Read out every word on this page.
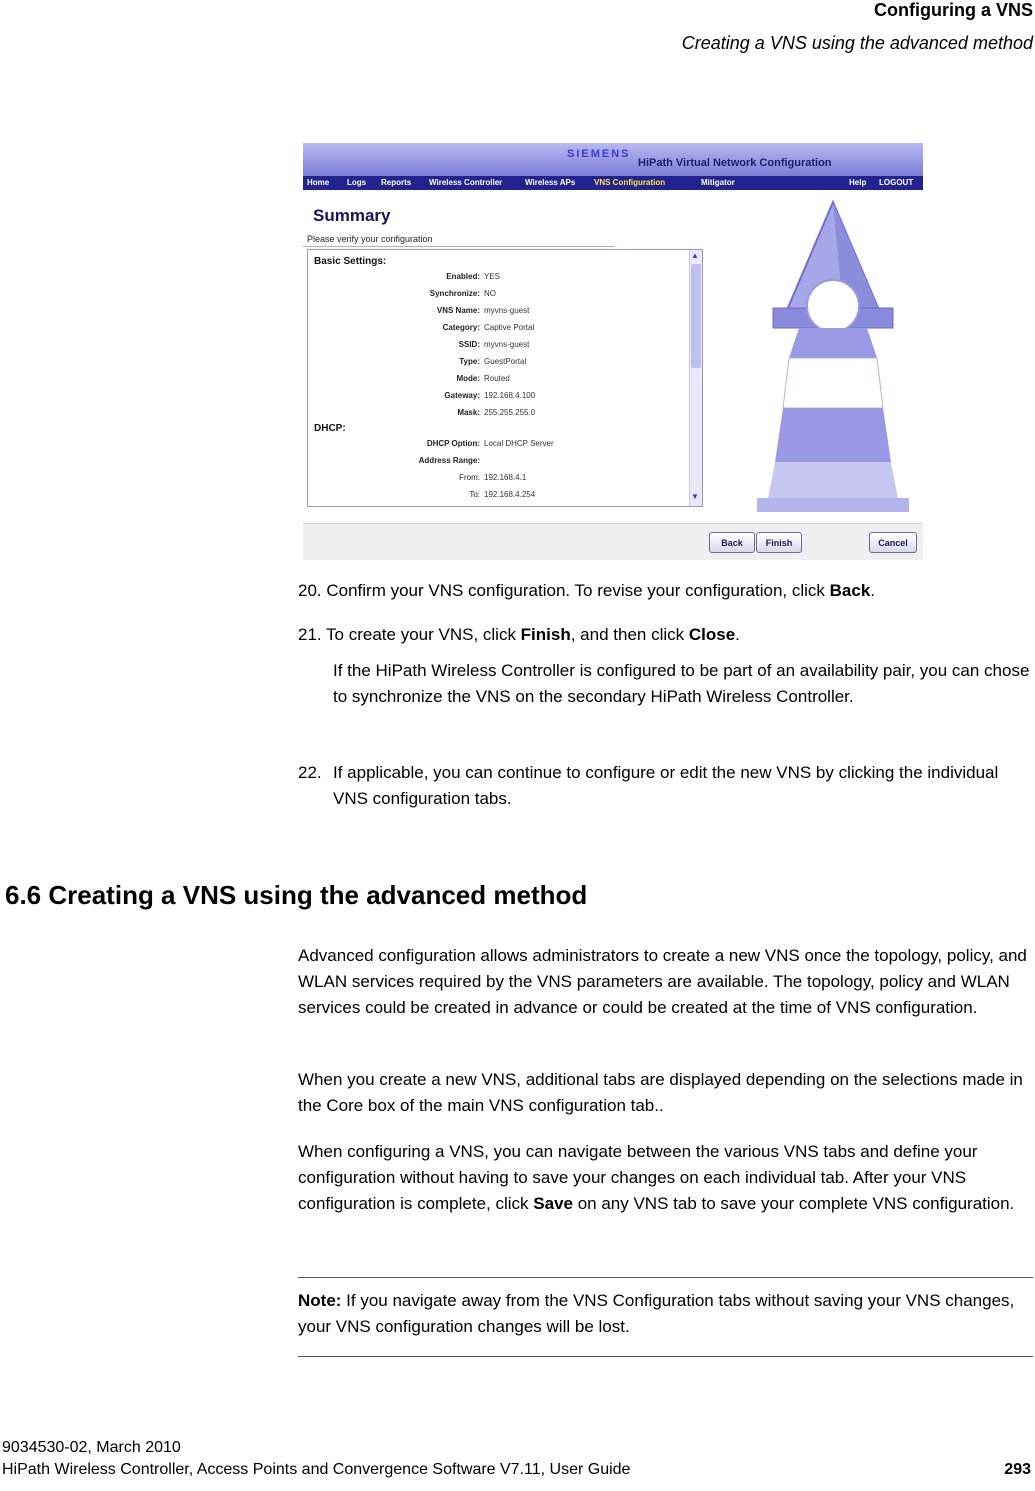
Configuring a VNS
Creating a VNS using the advanced method
SIEMENS
HiPath Virtual Network Configuration
Home Logs Reports Wireless Controller	Wireless APs VNS Configuration	Mitigator	Help LOGOUT
Summary
Please verify your configuration
Basic Settings:
Enabled: YES
Synchronize: NO
VNS Name: myvns-guest
Category: Captive Portal
SSID: myvns-guest
Type: GuestPortal
Mode: Routed
Gateway: 192.168.4.100
Mask: 255.255.255.0
DHCP:
DHCP Option: Local DHCP Server
Address Range:
From: 192.168.4.1
To: 192.168.4.254
▲
▼
Back	Finish	Cancel
20. Confirm your VNS configuration. To revise your configuration, click Back.
21. To create your VNS, click Finish, and then click Close.
If the HiPath Wireless Controller is configured to be part of an availability pair, you can chose to synchronize the VNS on the secondary HiPath Wireless Controller.
22. If applicable, you can continue to configure or edit the new VNS by clicking the individual VNS configuration tabs.
6.6 Creating a VNS using the advanced method
Advanced configuration allows administrators to create a new VNS once the topology, policy, and WLAN services required by the VNS parameters are available. The topology, policy and WLAN services could be created in advance or could be created at the time of VNS configuration.
When you create a new VNS, additional tabs are displayed depending on the selections made in the Core box of the main VNS configuration tab..
When configuring a VNS, you can navigate between the various VNS tabs and define your configuration without having to save your changes on each individual tab. After your VNS configuration is complete, click Save on any VNS tab to save your complete VNS configuration.
Note: If you navigate away from the VNS Configuration tabs without saving your VNS changes, your VNS configuration changes will be lost.
9034530-02, March 2010
HiPath Wireless Controller, Access Points and Convergence Software V7.11, User Guide	293
